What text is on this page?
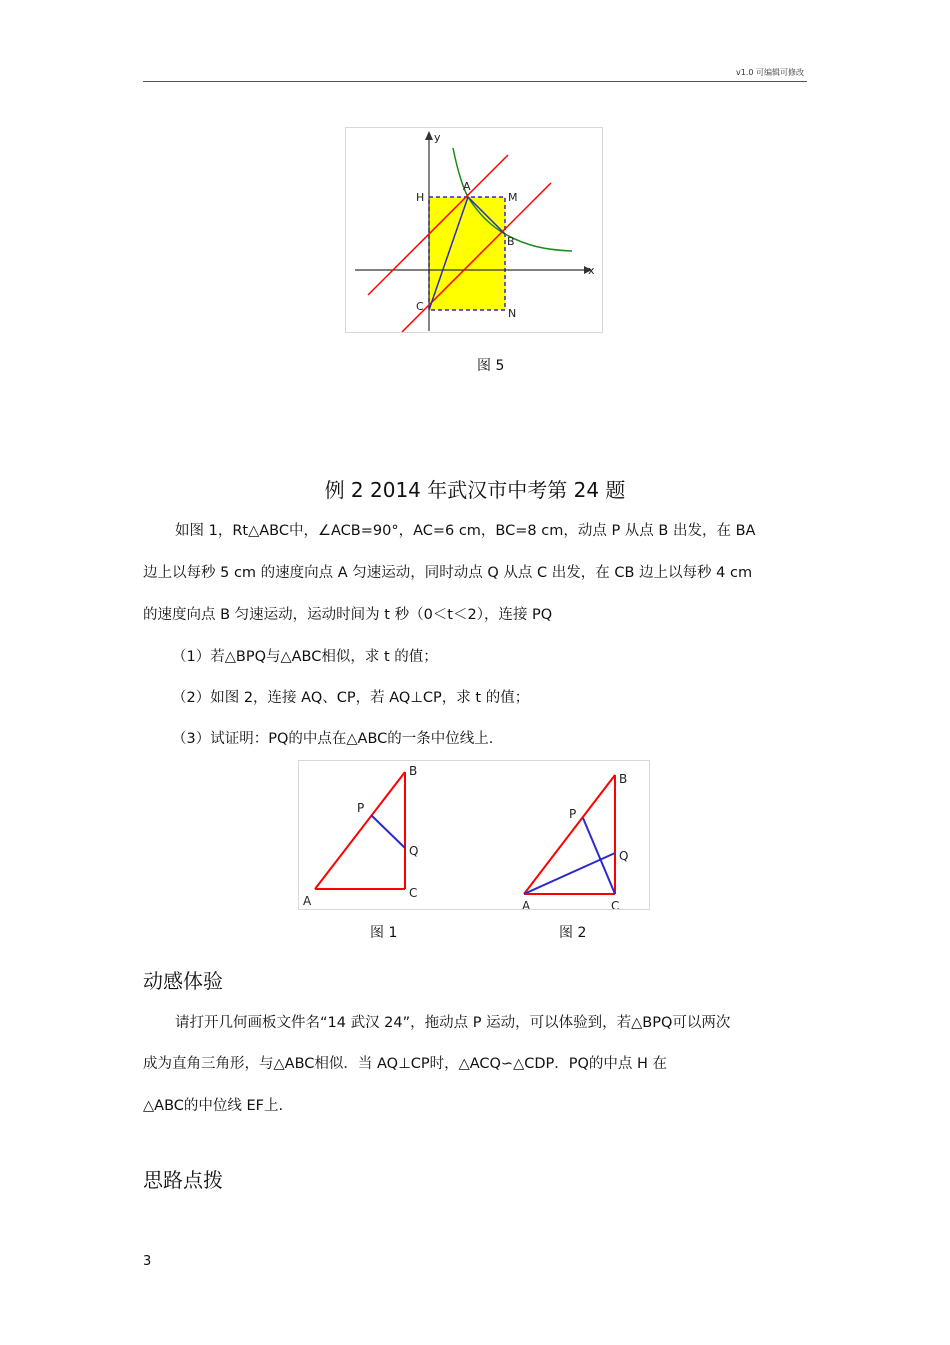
v1.0 可编辑可修改
y
x
H
A
M
B
C
N
图 5
例 2 2014 年武汉市中考第 24 题
如图 1，Rt△ABC中，∠ACB=90°，AC=6 cm，BC=8 cm，动点 P 从点 B 出发，在 BA
边上以每秒 5 cm 的速度向点 A 匀速运动，同时动点 Q 从点 C 出发，在 CB 边上以每秒 4 cm
的速度向点 B 匀速运动，运动时间为 t 秒（0＜t＜2），连接 PQ
（1）若△BPQ与△ABC相似，求 t 的值；
（2）如图 2，连接 AQ、CP，若 AQ⊥CP，求 t 的值；
（3）试证明：PQ的中点在△ABC的一条中位线上.
A
B
C
P
Q
A
B
C
P
Q
图 1	图 2
动感体验
请打开几何画板文件名“14 武汉 24”，拖动点 P 运动，可以体验到，若△BPQ可以两次
成为直角三角形，与△ABC相似．当 AQ⊥CP时，△ACQ∽△CDP．PQ的中点 H 在
△ABC的中位线 EF上.
思路点拨
3
